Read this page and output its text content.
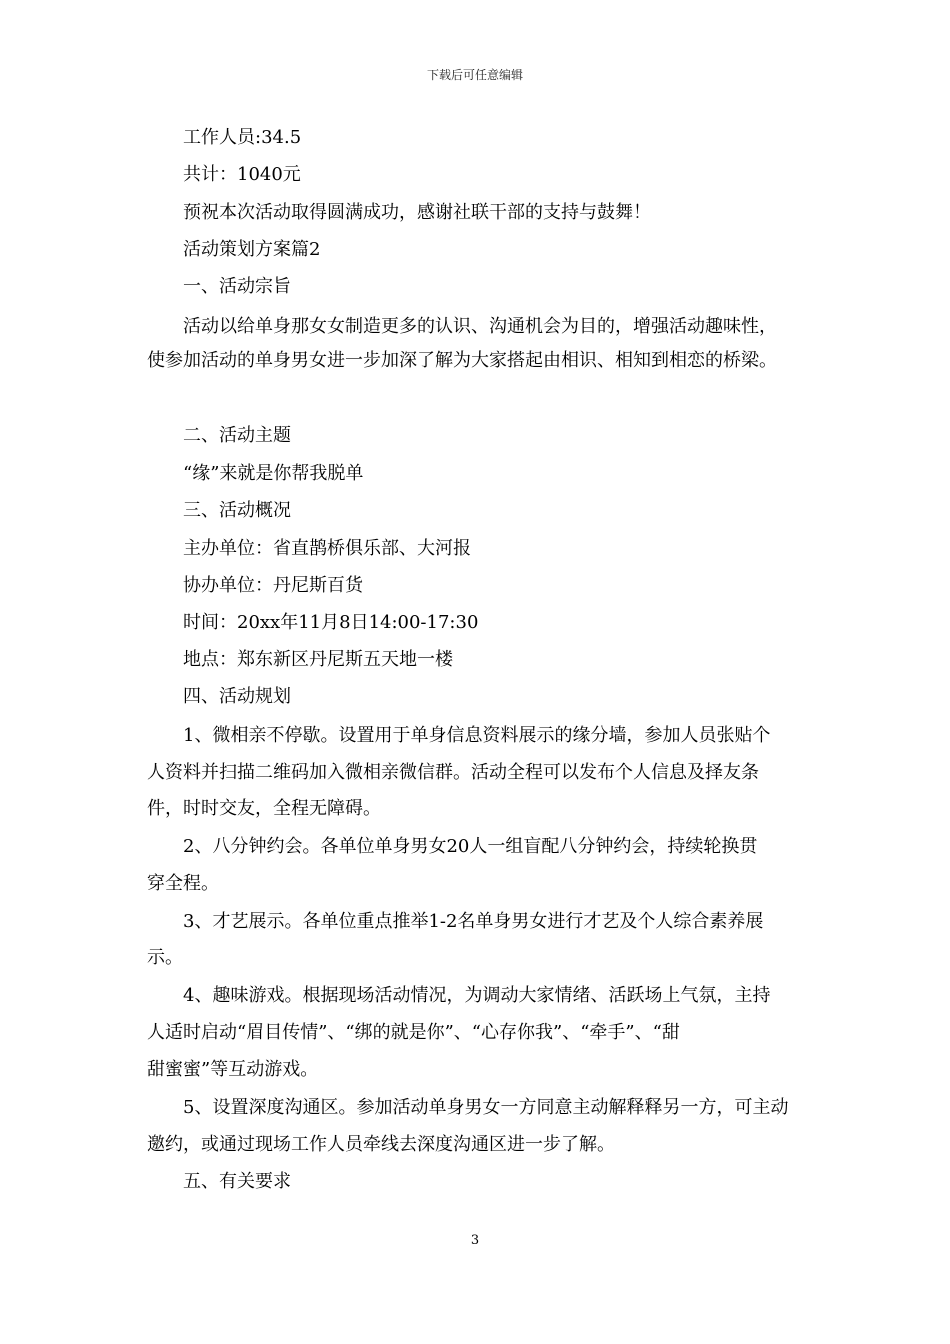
下载后可任意编辑
工作人员:34.5
共计：1040元
预祝本次活动取得圆满成功，感谢社联干部的支持与鼓舞！
活动策划方案篇2
一、活动宗旨
活动以给单身那女女制造更多的认识、沟通机会为目的，增强活动趣味性，
使参加活动的单身男女进一步加深了解为大家搭起由相识、相知到相恋的桥梁。
二、活动主题
“缘”来就是你帮我脱单
三、活动概况
主办单位：省直鹊桥俱乐部、大河报
协办单位：丹尼斯百货
时间：20xx年11月8日14:00-17:30
地点：郑东新区丹尼斯五天地一楼
四、活动规划
1、微相亲不停歇。设置用于单身信息资料展示的缘分墙，参加人员张贴个
人资料并扫描二维码加入微相亲微信群。活动全程可以发布个人信息及择友条
件，时时交友，全程无障碍。
2、八分钟约会。各单位单身男女20人一组盲配八分钟约会，持续轮换贯
穿全程。
3、才艺展示。各单位重点推举1-2名单身男女进行才艺及个人综合素养展
示。
4、趣味游戏。根据现场活动情况，为调动大家情绪、活跃场上气氛，主持
人适时启动“眉目传情”、“绑的就是你”、“心存你我”、“牵手”、“甜
甜蜜蜜”等互动游戏。
5、设置深度沟通区。参加活动单身男女一方同意主动解释释另一方，可主动
邀约，或通过现场工作人员牵线去深度沟通区进一步了解。
五、有关要求
3
